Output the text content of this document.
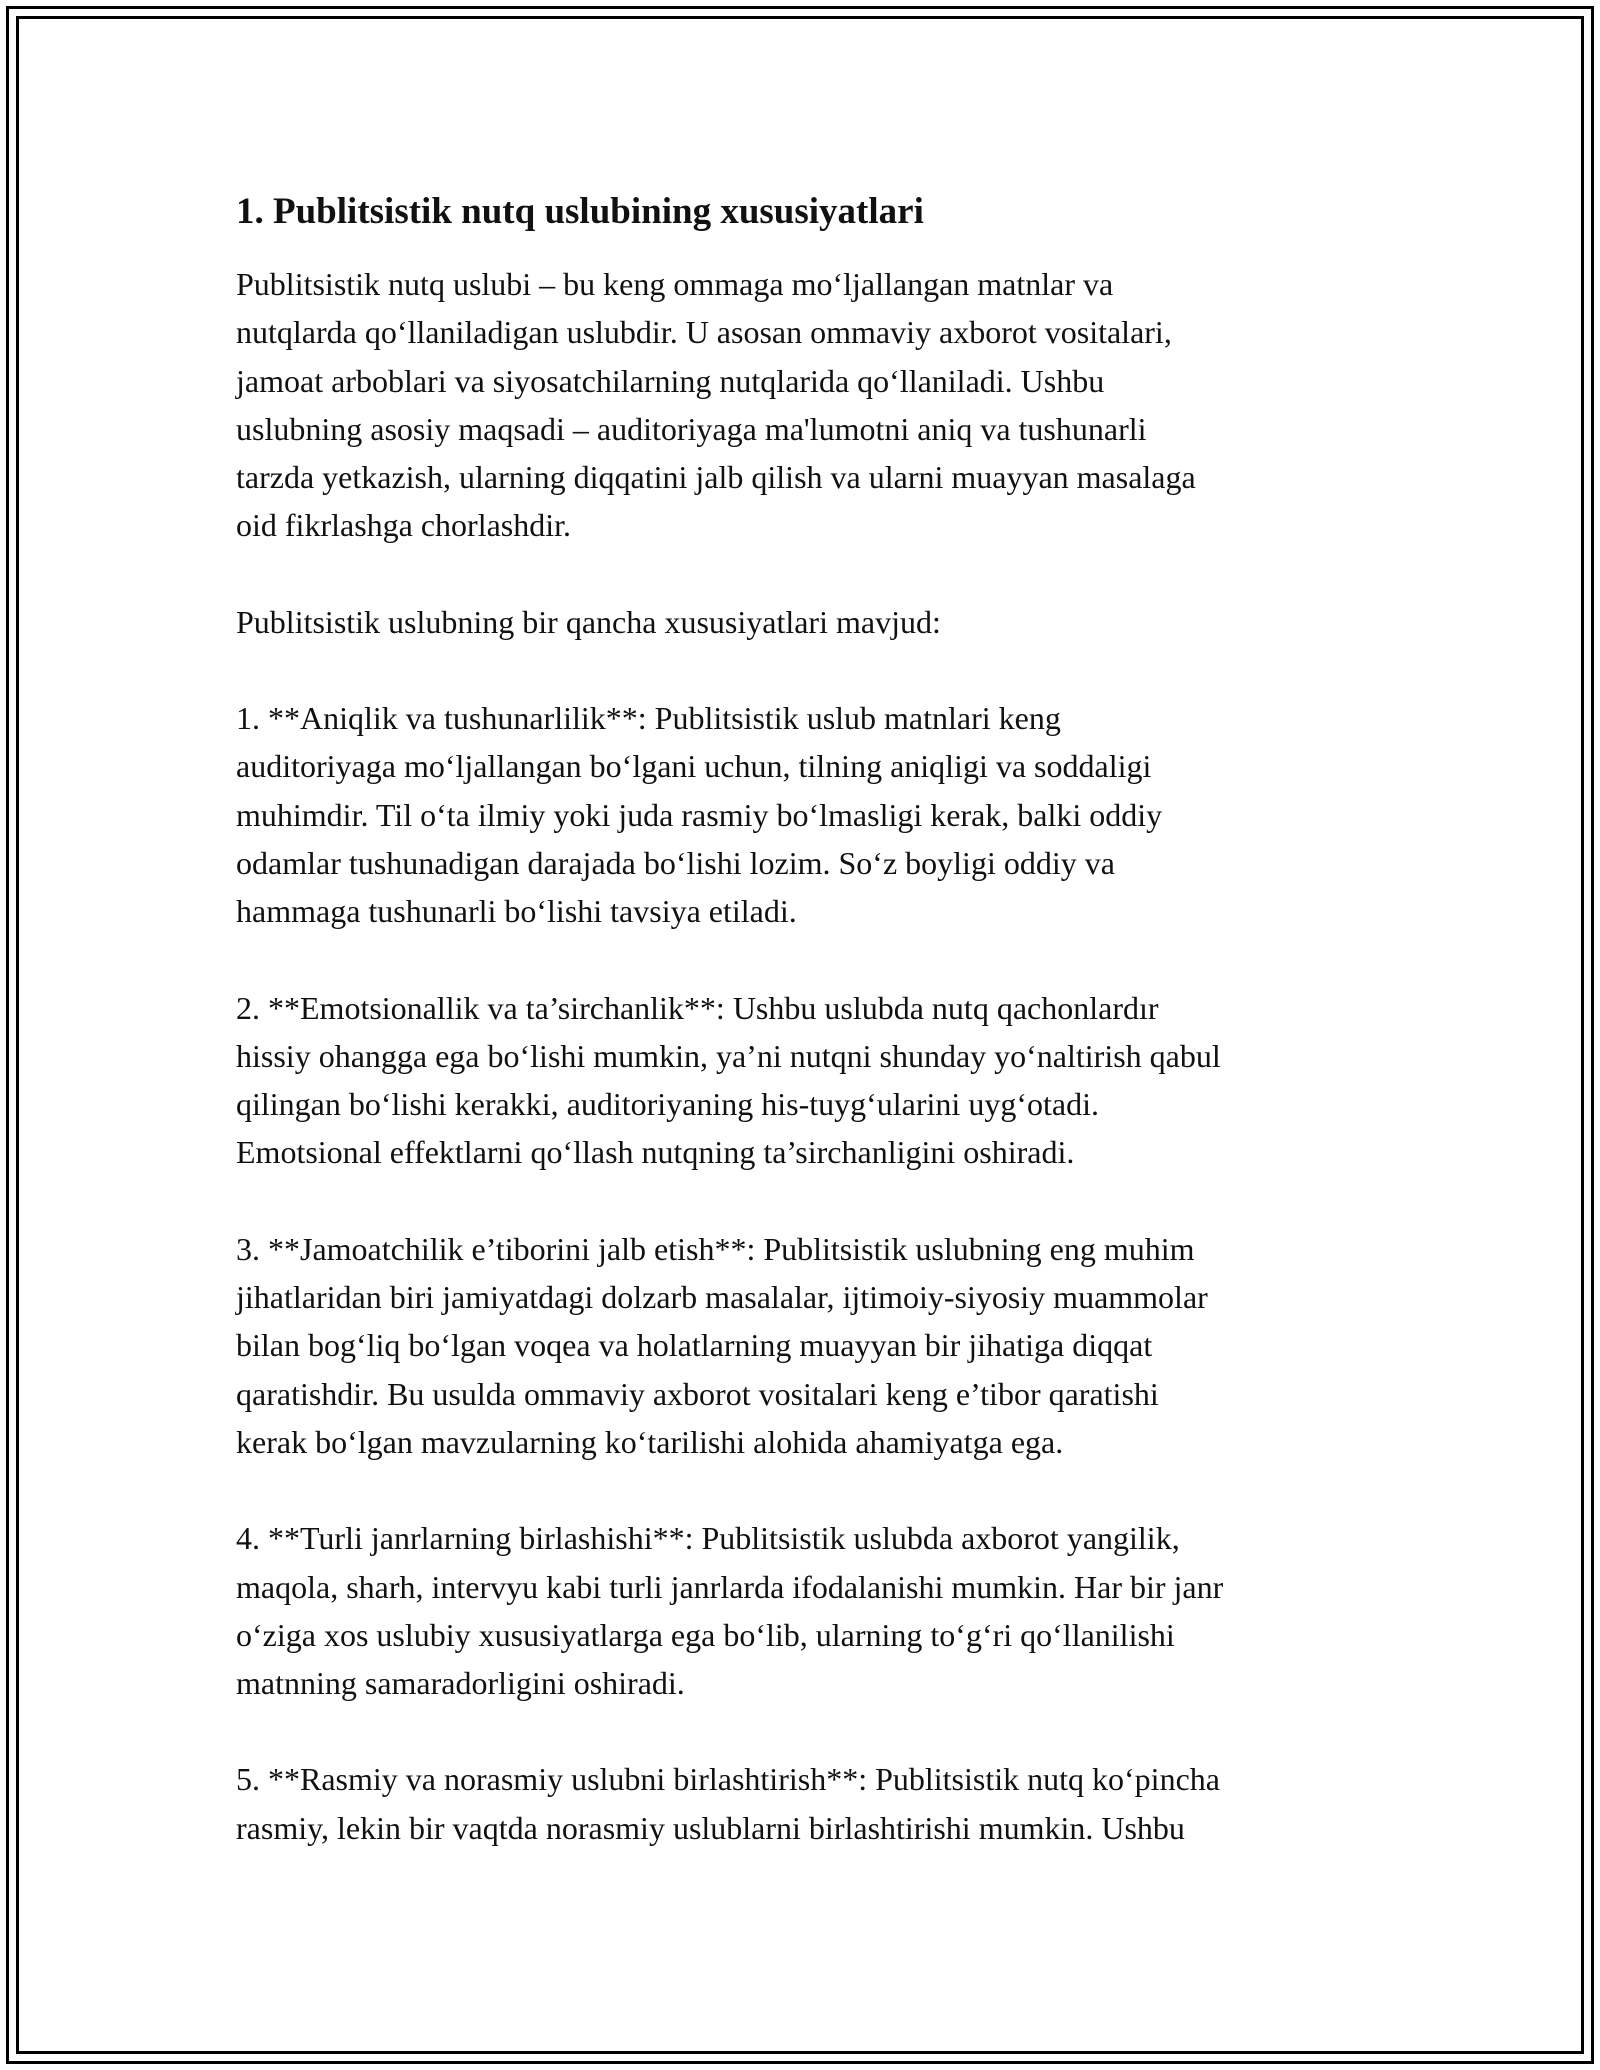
1. Publitsistik nutq uslubining xususiyatlari

Publitsistik nutq uslubi – bu keng ommaga moʻljallangan matnlar va
nutqlarda qoʻllaniladigan uslubdir. U asosan ommaviy axborot vositalari,
jamoat arboblari va siyosatchilarning nutqlarida qoʻllaniladi. Ushbu
uslubning asosiy maqsadi – auditoriyaga ma'lumotni aniq va tushunarli
tarzda yetkazish, ularning diqqatini jalb qilish va ularni muayyan masalaga
oid fikrlashga chorlashdir.

Publitsistik uslubning bir qancha xususiyatlari mavjud:

1. **Aniqlik va tushunarlilik**: Publitsistik uslub matnlari keng
auditoriyaga moʻljallangan boʻlgani uchun, tilning aniqligi va soddaligi
muhimdir. Til oʻta ilmiy yoki juda rasmiy boʻlmasligi kerak, balki oddiy
odamlar tushunadigan darajada boʻlishi lozim. Soʻz boyligi oddiy va
hammaga tushunarli boʻlishi tavsiya etiladi.

2. **Emotsionallik va ta’sirchanlik**: Ushbu uslubda nutq qachonlardır
hissiy ohangga ega boʻlishi mumkin, ya’ni nutqni shunday yoʻnaltirish qabul
qilingan boʻlishi kerakki, auditoriyaning his-tuygʻularini uygʻotadi.
Emotsional effektlarni qoʻllash nutqning ta’sirchanligini oshiradi.

3. **Jamoatchilik e’tiborini jalb etish**: Publitsistik uslubning eng muhim
jihatlaridan biri jamiyatdagi dolzarb masalalar, ijtimoiy-siyosiy muammolar
bilan bogʻliq boʻlgan voqea va holatlarning muayyan bir jihatiga diqqat
qaratishdir. Bu usulda ommaviy axborot vositalari keng e’tibor qaratishi
kerak boʻlgan mavzularning koʻtarilishi alohida ahamiyatga ega.

4. **Turli janrlarning birlashishi**: Publitsistik uslubda axborot yangilik,
maqola, sharh, intervyu kabi turli janrlarda ifodalanishi mumkin. Har bir janr
oʻziga xos uslubiy xususiyatlarga ega boʻlib, ularning toʻgʻri qoʻllanilishi
matnning samaradorligini oshiradi.

5. **Rasmiy va norasmiy uslubni birlashtirish**: Publitsistik nutq koʻpincha
rasmiy, lekin bir vaqtda norasmiy uslublarni birlashtirishi mumkin. Ushbu
